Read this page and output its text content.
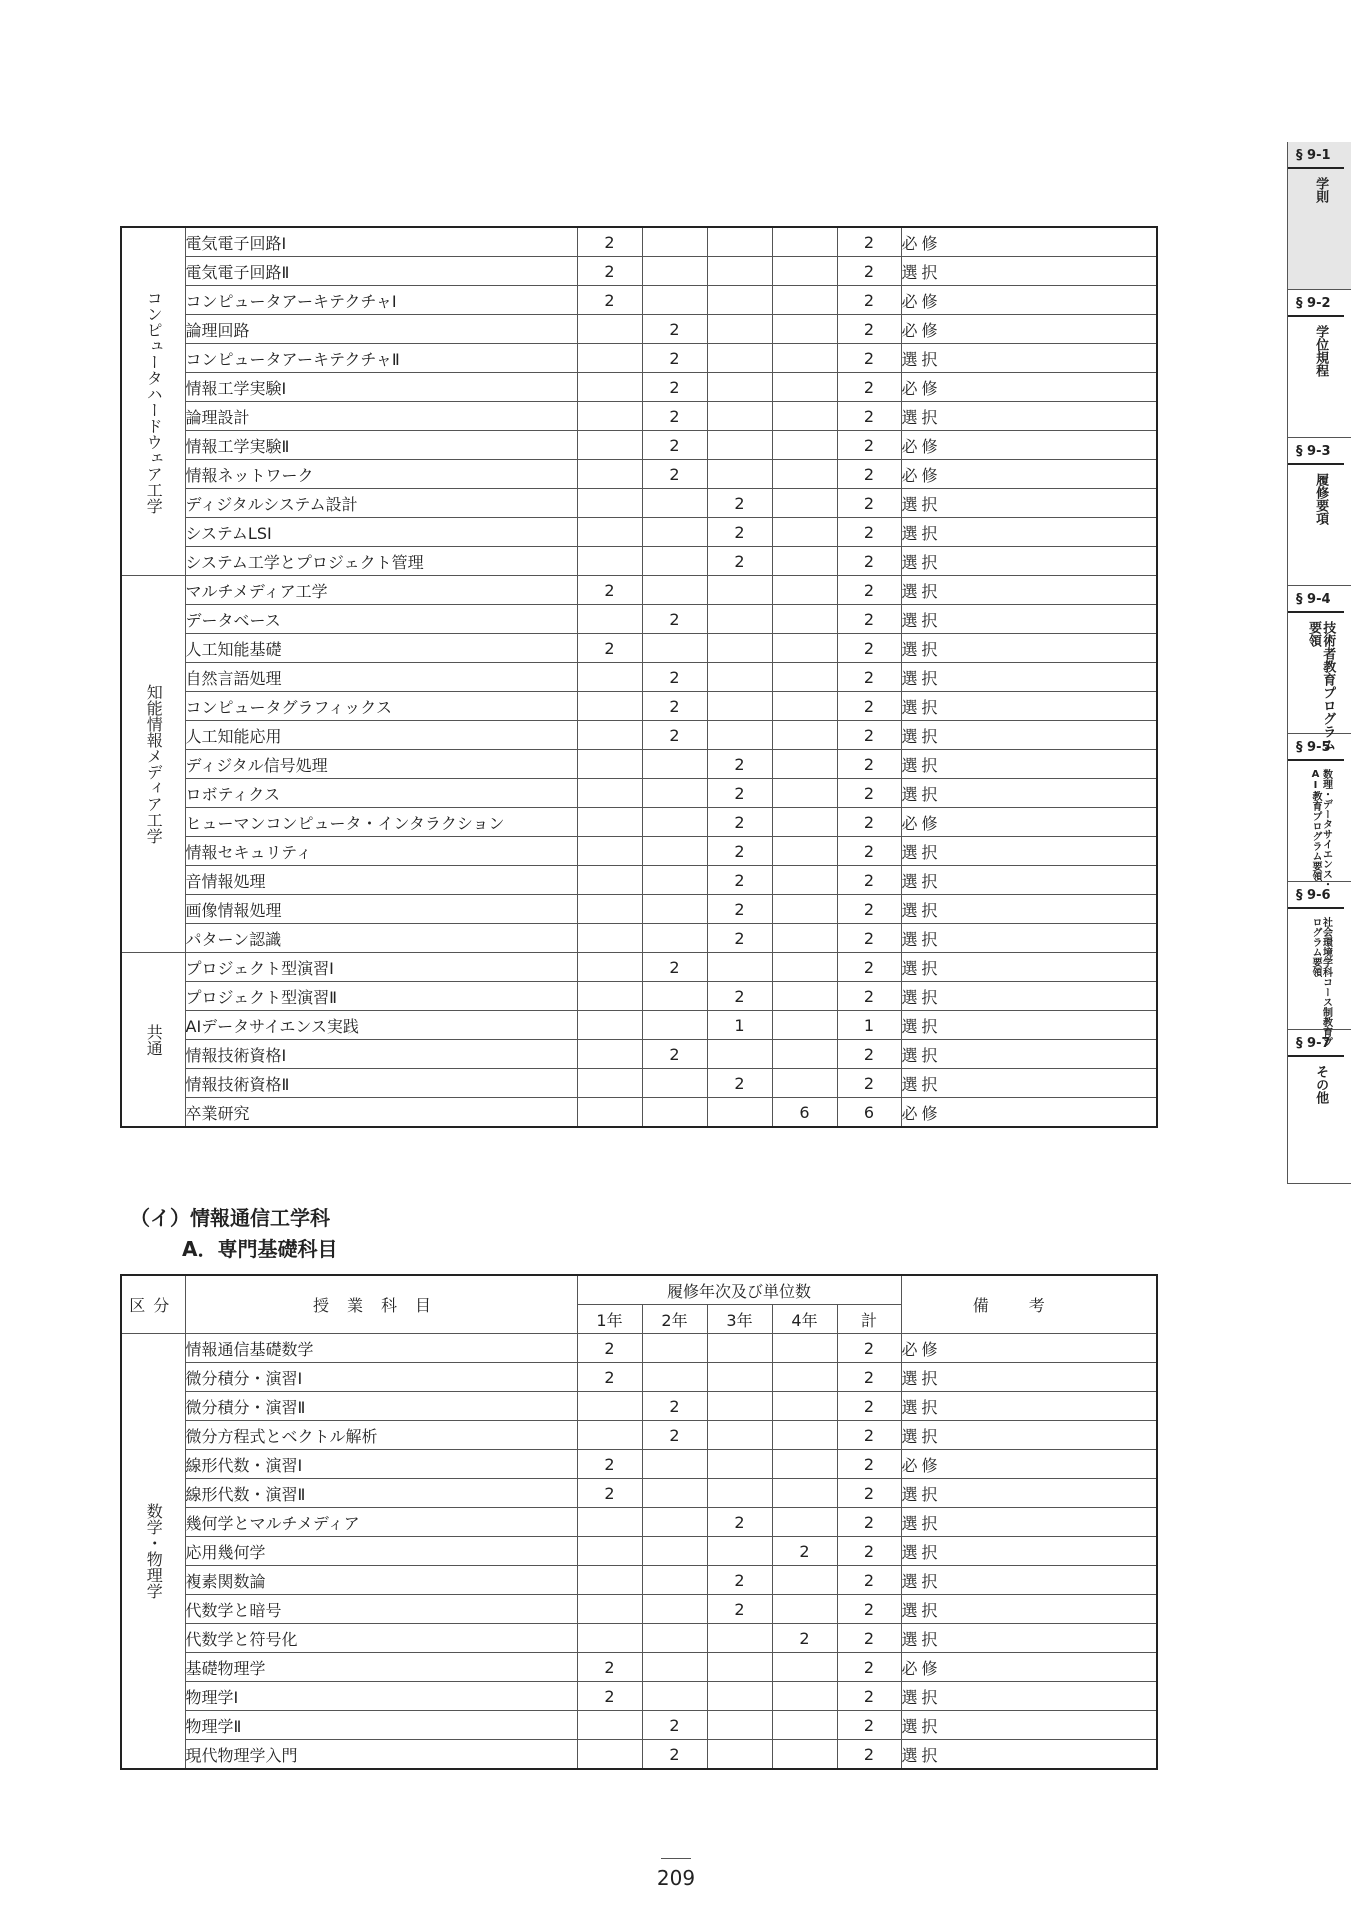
コンピュータハードウェア工学	電気電子回路Ⅰ	2				2	必修
	電気電子回路Ⅱ	2				2	選択
	コンピュータアーキテクチャⅠ	2				2	必修
	論理回路		2			2	必修
	コンピュータアーキテクチャⅡ		2			2	選択
	情報工学実験Ⅰ		2			2	必修
	論理設計		2			2	選択
	情報工学実験Ⅱ		2			2	必修
	情報ネットワーク		2			2	必修
	ディジタルシステム設計			2		2	選択
	システムLSI			2		2	選択
	システム工学とプロジェクト管理			2		2	選択

知能情報メディア工学	マルチメディア工学	2				2	選択
	データベース		2			2	選択
	人工知能基礎	2				2	選択
	自然言語処理		2			2	選択
	コンピュータグラフィックス		2			2	選択
	人工知能応用		2			2	選択
	ディジタル信号処理			2		2	選択
	ロボティクス			2		2	選択
	ヒューマンコンピュータ・インタラクション			2		2	必修
	情報セキュリティ			2		2	選択
	音情報処理			2		2	選択
	画像情報処理			2		2	選択
	パターン認識			2		2	選択

共通	プロジェクト型演習Ⅰ		2			2	選択
	プロジェクト型演習Ⅱ			2		2	選択
	AIデータサイエンス実践			1		1	選択
	情報技術資格Ⅰ		2			2	選択
	情報技術資格Ⅱ			2		2	選択
	卒業研究				6	6	必修
（イ）情報通信工学科
A．専門基礎科目
区分	授業科目	履修年次及び単位数					備考
		1年	2年	3年	4年	計	

数学・物理学	情報通信基礎数学	2				2	必修
	微分積分・演習Ⅰ	2				2	選択
	微分積分・演習Ⅱ		2			2	選択
	微分方程式とベクトル解析		2			2	選択
	線形代数・演習Ⅰ	2				2	必修
	線形代数・演習Ⅱ	2				2	選択
	幾何学とマルチメディア			2		2	選択
	応用幾何学				2	2	選択
	複素関数論			2		2	選択
	代数学と暗号			2		2	選択
	代数学と符号化				2	2	選択
	基礎物理学	2				2	必修
	物理学Ⅰ	2				2	選択
	物理学Ⅱ		2			2	選択
	現代物理学入門		2			2	選択
209
§ 9-1
学則
§ 9-2
学位規程
§ 9-3
履修要項
§ 9-4
技術者教育プログラム要領
§ 9-5
数理・データサイエンス・AI教育プログラム要領
§ 9-6
社会環境学科コース制教育プログラム要領
§ 9-7
その他
